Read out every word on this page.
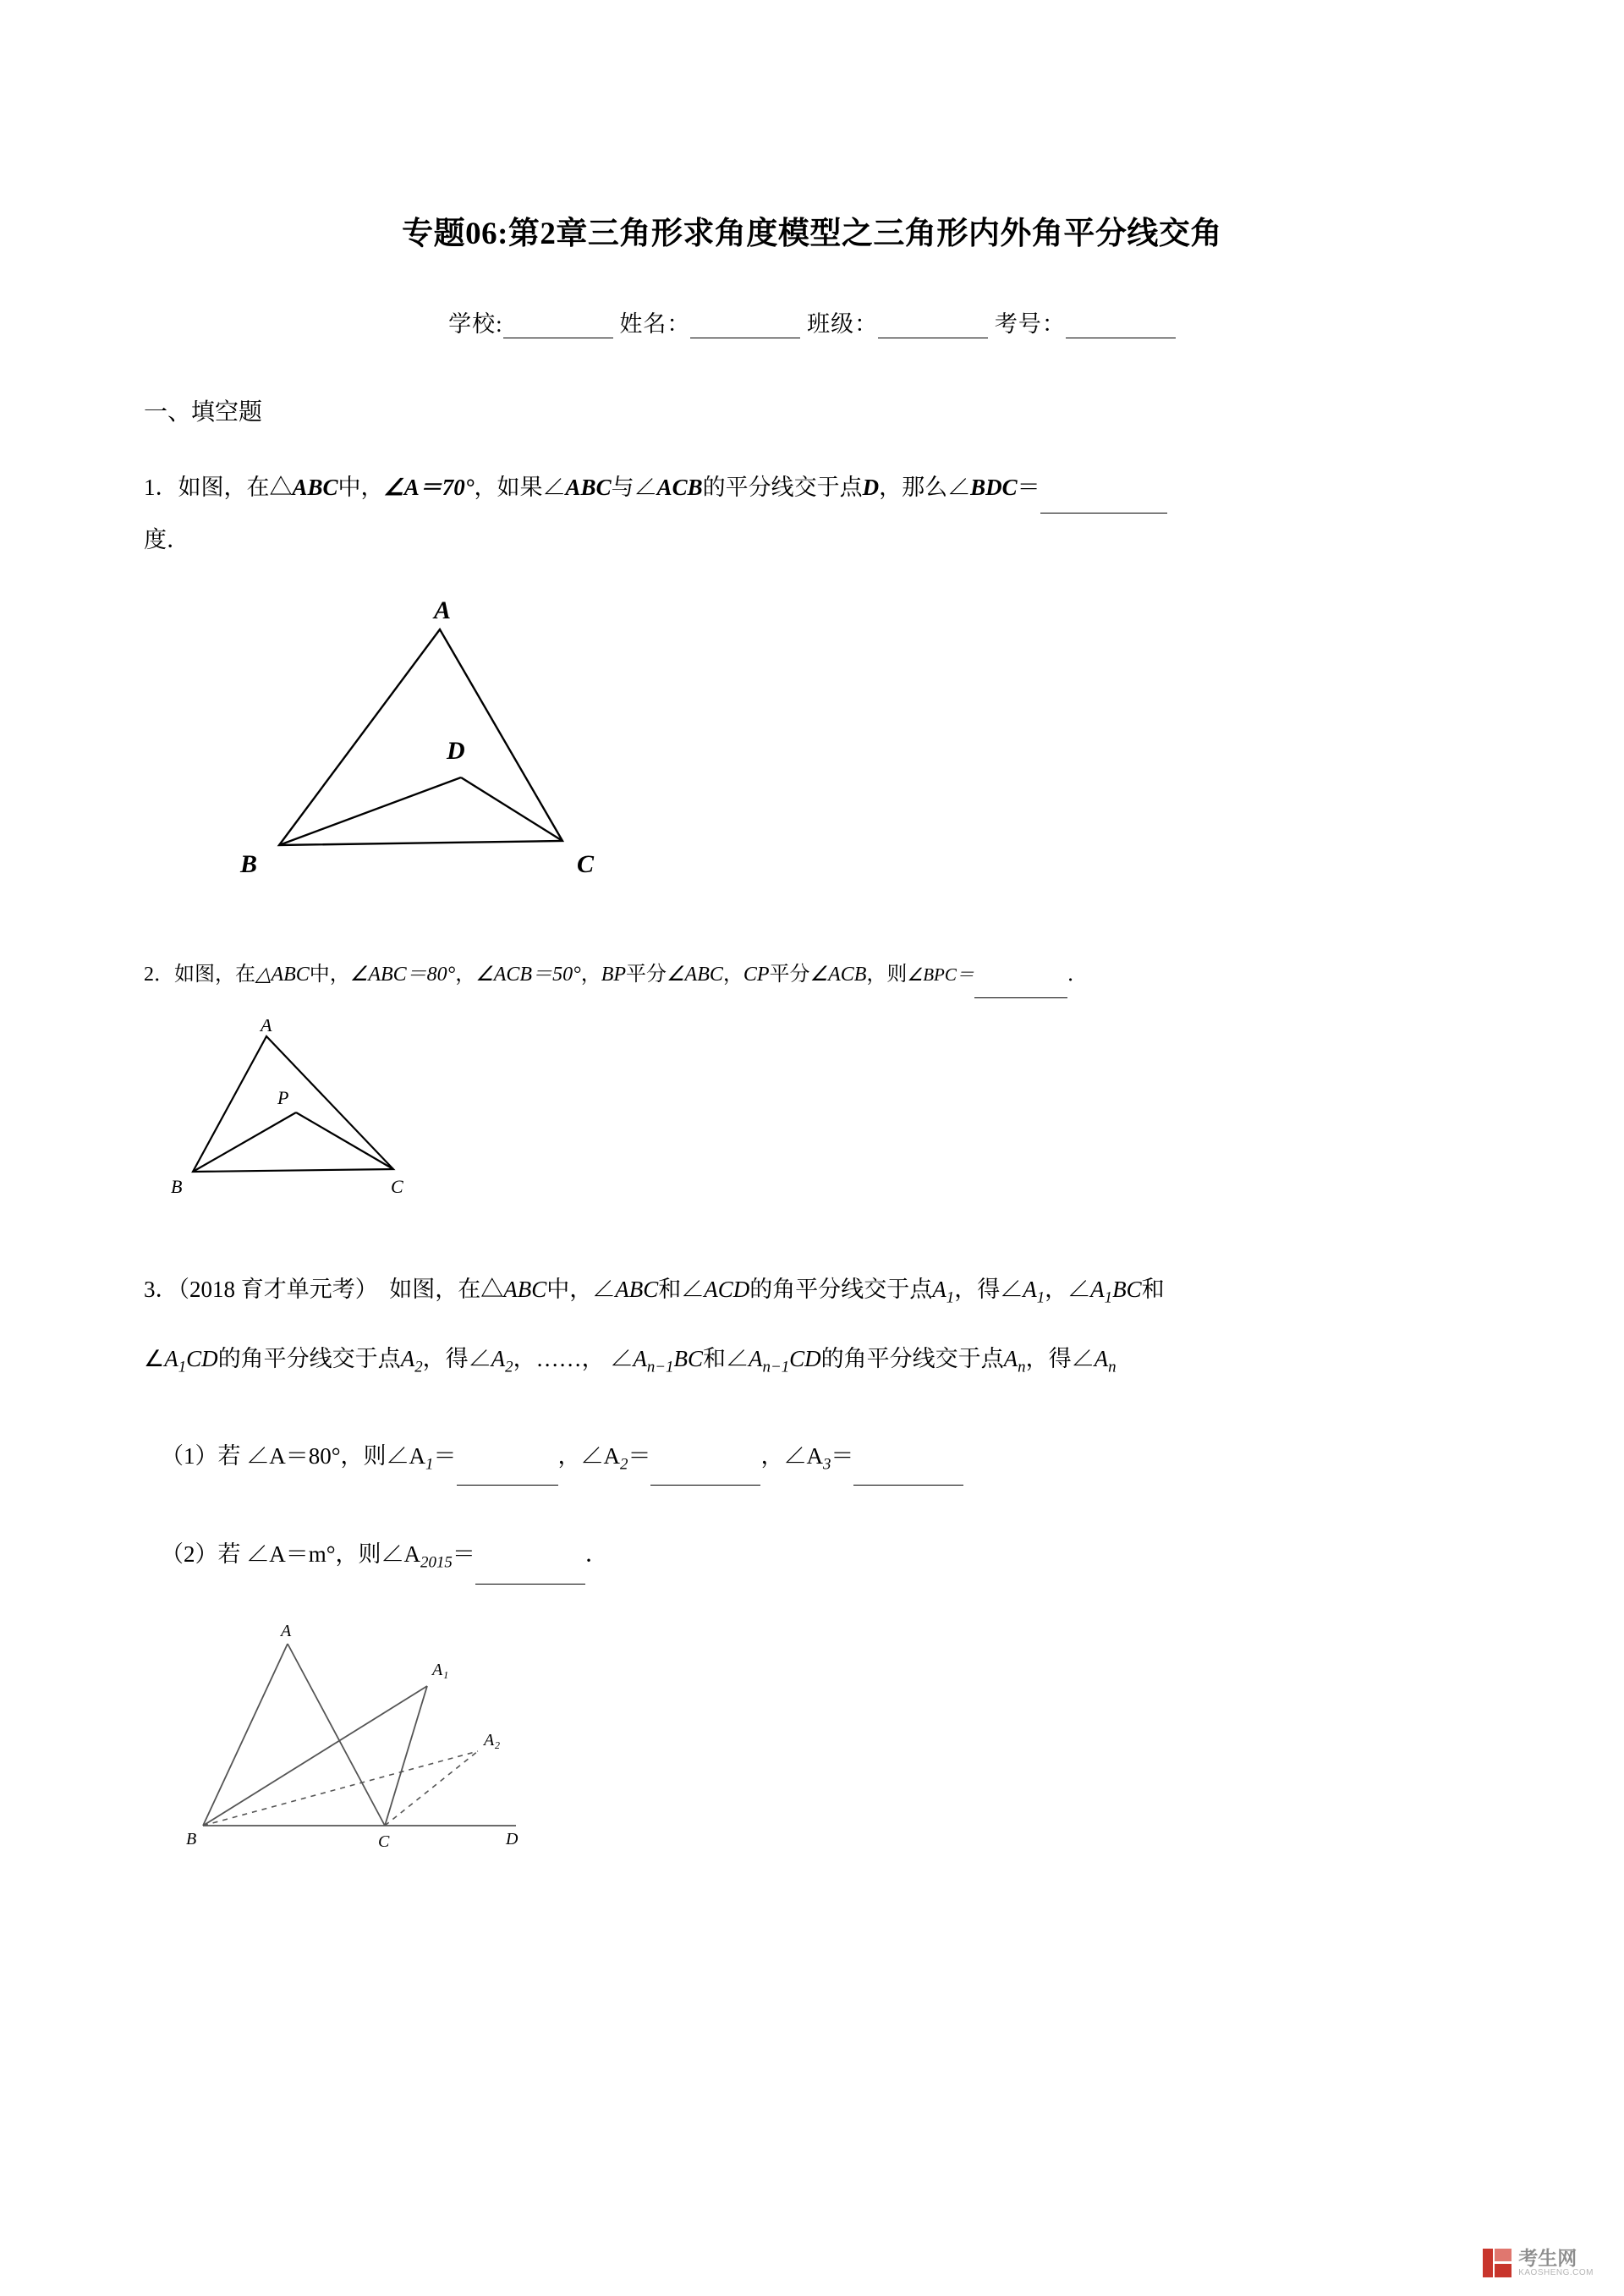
专题06:第2章三角形求角度模型之三角形内外角平分线交角
学校:	姓名：	班级：	考号：
一、填空题
1．如图，在△ABC中，∠A＝70°，如果∠ABC与∠ACB的平分线交于点D，那么∠BDC＝
度．
A
B	C
D
2．如图，在△ABC中，∠ABC＝80°，∠ACB＝50°，BP平分∠ABC，CP平分∠ACB，则∠BPC＝	．
A
B	C
P
3．（2018 育才单元考） 如图，在△ABC中，∠ABC和∠ACD的角平分线交于点$A_1$，得$\angle A_1$，$\angle A_1BC$和
$\angle A_1CD$的角平分线交于点$A_2$，得$\angle A_2$，……， $\angle A_{n-1}BC$和$\angle A_{n-1}CD$的角平分线交于点$A_n$，得$\angle A_n$
（1）若 ∠A＝80°，则$\angle A_1=$	，$\angle A_2=$	，$\angle A_3=$
（2）若 ∠A＝m°，则$\angle A_{2015}=$	．
A
A₁
A₂
B	C	D
考生网
KAOSHENG.COM
